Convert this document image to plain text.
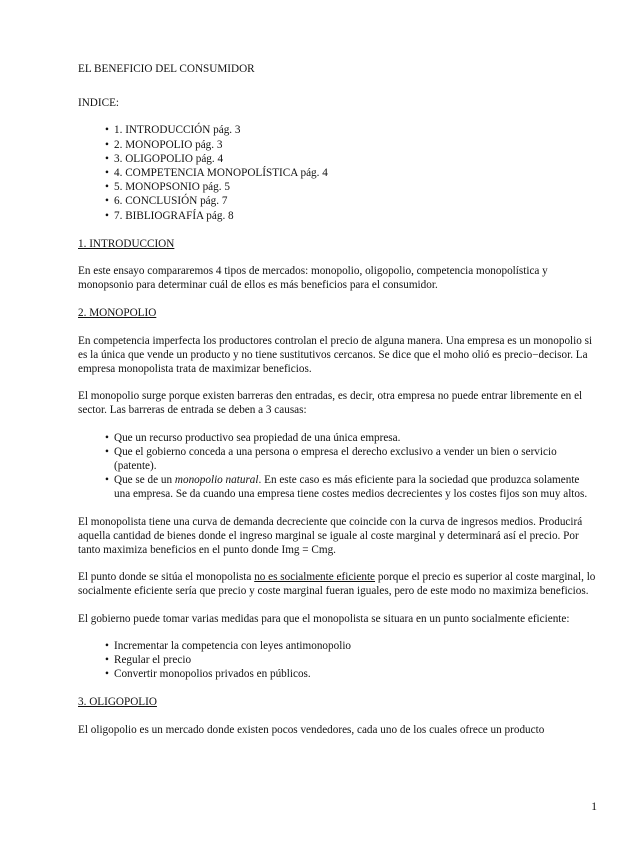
EL BENEFICIO DEL CONSUMIDOR
INDICE:
• 1. INTRODUCCIÓN pág. 3
• 2. MONOPOLIO pág. 3
• 3. OLIGOPOLIO pág. 4
• 4. COMPETENCIA MONOPOLÍSTICA pág. 4
• 5. MONOPSONIO pág. 5
• 6. CONCLUSIÓN pág. 7
• 7. BIBLIOGRAFÍA pág. 8
1. INTRODUCCION

En este ensayo compararemos 4 tipos de mercados: monopolio, oligopolio, competencia monopolística y monopsonio para determinar cuál de ellos es más beneficios para el consumidor.

2. MONOPOLIO

En competencia imperfecta los productores controlan el precio de alguna manera. Una empresa es un monopolio si es la única que vende un producto y no tiene sustitutivos cercanos. Se dice que el moho olió es precio−decisor. La empresa monopolista trata de maximizar beneficios.

El monopolio surge porque existen barreras den entradas, es decir, otra empresa no puede entrar libremente en el sector. Las barreras de entrada se deben a 3 causas:

• Que un recurso productivo sea propiedad de una única empresa.
• Que el gobierno conceda a una persona o empresa el derecho exclusivo a vender un bien o servicio (patente).
• Que se de un monopolio natural. En este caso es más eficiente para la sociedad que produzca solamente una empresa. Se da cuando una empresa tiene costes medios decrecientes y los costes fijos son muy altos.

El monopolista tiene una curva de demanda decreciente que coincide con la curva de ingresos medios. Producirá aquella cantidad de bienes donde el ingreso marginal se iguale al coste marginal y determinará así el precio. Por tanto maximiza beneficios en el punto donde Img = Cmg.

El punto donde se sitúa el monopolista no es socialmente eficiente porque el precio es superior al coste marginal, lo socialmente eficiente sería que precio y coste marginal fueran iguales, pero de este modo no maximiza beneficios.

El gobierno puede tomar varias medidas para que el monopolista se situara en un punto socialmente eficiente:

• Incrementar la competencia con leyes antimonopolio
• Regular el precio
• Convertir monopolios privados en públicos.
3. OLIGOPOLIO

El oligopolio es un mercado donde existen pocos vendedores, cada uno de los cuales ofrece un producto

1
